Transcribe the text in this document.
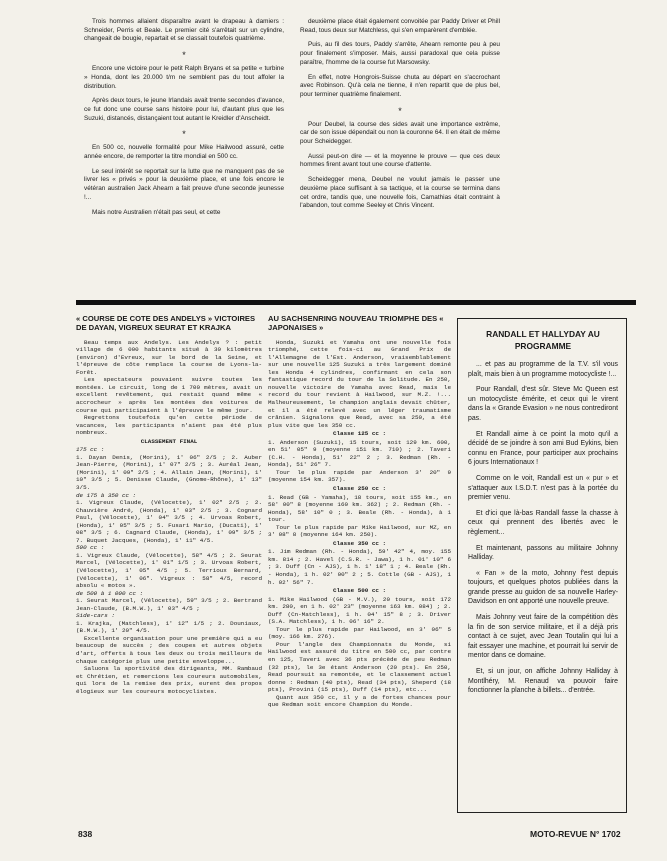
Trois hommes allaient disparaître avant le drapeau à damiers : Schneider, Perris et Beale. Le premier cité s'arrêtait sur un cylindre, changeait de bougie, repartait et se classait toutefois quatrième.

*

Encore une victoire pour le petit Ralph Bryans et sa petite « turbine » Honda, dont les 20.000 t/m ne semblent pas du tout affoler la distribution.

Après deux tours, le jeune Irlandais avait trente secondes d'avance, ce fut donc une course sans histoire pour lui, d'autant plus que les Suzuki, distancés, distançaient tout autant le Kreidler d'Anscheidt.

*

En 500 cc, nouvelle formalité pour Mike Hailwood assuré, cette année encore, de remporter la titre mondial en 500 cc.

Le seul intérêt se reportait sur la lutte que ne manquent pas de se livrer les « privés » pour la deuxième place, et une fois encore le vétéran australien Jack Ahearn a fait preuve d'une seconde jeunesse !...

Mais notre Australien n'était pas seul, et cette

deuxième place était également convoitée par Paddy Driver et Phill Read, tous deux sur Matchless, qui s'en emparèrent d'emblée.

Puis, au fil des tours, Paddy s'arrête, Ahearn remonte peu à peu pour finalement s'imposer. Mais, aussi paradoxal que cela puisse paraître, l'homme de la course fut Marsowsky.

En effet, notre Hongrois-Suisse chuta au départ en s'accrochant avec Robinson. Qu'à cela ne tienne, il n'en repartit que de plus bel, pour terminer quatrième finalement.

*

Pour Deubel, la course des sides avait une importance extrême, car de son issue dépendait ou non la couronne 64. Il en était de même pour Scheidegger.

Aussi peut-on dire — et la moyenne le prouve — que ces deux hommes firent avant tout une course d'attente.

Scheidegger mena, Deubel ne voulut jamais le passer une deuxième place suffisant à sa tactique, et la course se termina dans cet ordre, tandis que, une nouvelle fois, Camathias était contraint à l'abandon, tout comme Seeley et Chris Vincent.

« COURSE DE COTE DES ANDELYS » VICTOIRES DE DAYAN, VIGREUX SEURAT ET KRAJKA

Beau temps aux Andelys. Les Andelys ? : petit village de 6 000 habitants situé à 30 kilomètres (environ) d'Evreux, sur le bord de la Seine, et l'épreuve de côte remplace la course de Lyons-la-Forêt.

Les spectateurs pouvaient suivre toutes les montées. Le circuit, long de 1 700 mètres, avait un excellent revêtement, qui restait quand même « accrocheur » après les montées des voitures de course qui participaient à l'épreuve le même jour.

Regrettons toutefois qu'en cette période de vacances, les participants n'aient pas été plus nombreux.

CLASSEMENT FINAL

175 cc :

1. Dayan Denis, (Morini), 1' 06" 2/5 ; 2. Auber Jean-Pierre, (Morini), 1' 07" 2/5 ; 3. Auréal Jean, (Morini), 1' 09" 2/5 ; 4. Allain Jean, (Morini), 1' 10" 3/5 ; 5. Denisse Claude, (Gnome-Rhône), 1' 13" 3/5.

de 175 à 350 cc :

1. Vigreux Claude, (Vélocette), 1' 02" 2/5 ; 2. Chauvière André, (Honda), 1' 03" 2/5 ; 3. Cognard Paul, (Vélocette), 1' 04" 3/5 ; 4. Urvoas Robert, (Honda), 1' 05" 3/5 ; 5. Fusari Mario, (Ducati), 1' 08" 3/5 ; 6. Cagnard Claude, (Honda), 1' 09" 3/5 ; 7. Buquet Jacques, (Honda), 1' 11" 4/5.

500 cc :

1. Vigreux Claude, (Vélocette), 58" 4/5 ; 2. Seurat Marcel, (Vélocette), 1' 01" 1/5 ; 3. Urvoas Robert, (Vélocette), 1' 05" 4/5 ; 5. Terrioux Bernard, (Vélocette), 1' 06". Vigreux : 58" 4/5, record absolu « motos ».

de 500 à 1 000 cc :

1. Seurat Marcel, (Vélocette), 59" 3/5 ; 2. Bertrand Jean-Claude, (B.M.W.), 1' 03" 4/5 ;

Side-cars :

1. Krajka, (Matchless), 1' 12" 1/5 ; 2. Douniaux, (B.M.W.), 1' 20" 4/5.

Excellente organisation pour une première qui a eu beaucoup de succès ; des coupes et autres objets d'art, offerts à tous les deux ou trois meilleurs de chaque catégorie plus une petite enveloppe...

Saluons la sportivité des dirigeants, MM. Rambaud et Chrétien, et remercions les coureurs automobiles, qui lors de la remise des prix, eurent des propos élogieux sur les coureurs motocyclistes.

AU SACHSENRING NOUVEAU TRIOMPHE DES « JAPONAISES »

Honda, Suzuki et Yamaha ont une nouvelle fois triomphé, cette fois-ci au Grand Prix de l'Allemagne de l'Est. Anderson, vraisemblablement sur une nouvelle 125 Suzuki a très largement dominé les Honda 4 cylindres, confirmant en cela son fantastique record du tour de la Solitude. En 250, nouvelle victoire de Yamaha avec Read, mais le record du tour revient à Hailwood, sur M.Z. !... Malheureusement, le champion anglais devait chûter, et il a été relevé avec un léger traumatisme crânien. Signalons que Read, avec sa 250, a été plus vite que les 350 cc.

Classe 125 cc :

1. Anderson (Suzuki), 15 tours, soit 129 km. 600, en 51' 05" 9 (moyenne 151 km. 710) ; 2. Taveri (C.H. - Honda), 51' 22" 2 ; 3. Redman (Rh. - Honda), 51' 26" 7.

Tour le plus rapide par Anderson 3' 20" 9 (moyenne 154 km. 357).

Classe 250 cc :

1. Read (GB - Yamaha), 18 tours, soit 155 km., en 58' 00" 8 (moyenne 160 km. 362) ; 2. Redman (Rh. - Honda), 58' 10" 0 ; 3. Beale (Rh. - Honda), à 1 tour.

Tour le plus rapide par Mike Hailwood, sur MZ, en 3' 08" 8 (moyenne 164 km. 250).

Classe 350 cc :

1. Jim Redman (Rh. - Honda), 59' 42" 4, moy. 155 km. 814 ; 2. Havel (C.S.R. - Jawa), 1 h. 01' 10" 6 ; 3. Duff (Cn - AJS), 1 h. 1' 18" 1 ; 4. Beale (Rh. - Honda), 1 h. 02' 00" 2 ; 5. Cottle (GB - AJS), 1 h. 02' 56" 7.

Classe 500 cc :

1. Mike Hailwood (GB - M.V.), 20 tours, soit 172 km. 280, en 1 h. 02' 23" (moyenne 163 km. 084) ; 2. Duff (Cn-Matchless), 1 h. 04' 15" 8 ; 3. Driver (S.A. Matchless), 1 h. 06' 16" 2.

Tour le plus rapide par Hailwood, en 3' 06" 5 (moy. 166 km. 276).

Pour l'angle des Championnats du Monde, si Hailwood est assuré du titre en 500 cc, par contre en 125, Taveri avec 36 pts précède de peu Redman (32 pts), le 3e étant Anderson (20 pts). En 250, Read poursuit sa remontée, et le classement actuel donne : Redman (40 pts), Read (34 pts), Sheperd (18 pts), Provini (15 pts), Duff (14 pts), etc...

Quant aux 350 cc, il y a de fortes chances pour que Redman soit encore Champion du Monde.

RANDALL ET HALLYDAY AU PROGRAMME

... et pas au programme de la T.V. s'il vous plaît, mais bien à un programme motocycliste !...

Pour Randall, d'est sûr. Steve Mc Queen est un motocycliste émérite, et ceux qui le virent dans la « Grande Evasion » ne nous contrediront pas.

Et Randall aime à ce point la moto qu'il a décidé de se joindre à son ami Bud Eykins, bien connu en France, pour participer aux prochains 6 jours Internationaux !

Comme on le voit, Randall est un « pur » et s'attaquer aux I.S.D.T. n'est pas à la portée du premier venu.

Et d'ici que là-bas Randall fasse la chasse à ceux qui prennent des libertés avec le règlement...

Et maintenant, passons au militaire Johnny Halliday.

« Fan » de la moto, Johnny f'est depuis toujours, et quelques photos publiées dans la grande presse au guidon de sa nouvelle Harley-Davidson en ont apporté une nouvelle preuve.

Mais Johnny veut faire de la compétition dès la fin de son service militaire, et il a déjà pris contact à ce sujet, avec Jean Toutalin qui lui a fait essayer une machine, et pourrait lui servir de mentor dans ce domaine.

Et, si un jour, on affiche Johnny Halliday à Montlhéry, M. Renaud va pouvoir faire fonctionner la planche à billets... d'entrée.

838	MOTO-REVUE N° 1702
